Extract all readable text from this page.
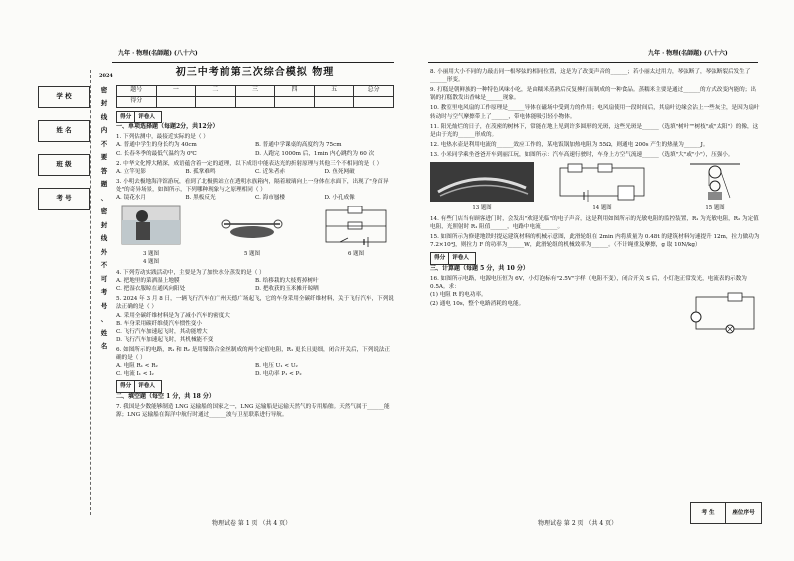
九年 · 物理(名師題) (八十六)	九年 · 物理(名師題) (八十六)
学 校
姓 名
班 级
考 号
2024
密
封
线
内
不
要
答
题
、
密
封
线
外
不
可
考
号
、
姓
名
初三中考前第三次综合模拟 物理
题号	一	二	三	四	五	总分
得分						
得分	评卷人
一、单项选择题（每题2分，共12分）
1. 下列估测中，最接近实际的是（ ）
A. 普通中学生的身长约为 40cm	B. 普通中学课桌的高度约为 75cm
C. 长春冬季的最低气温约为 0℃	D. 人跑完 1000m 后，1min 内心跳约为 60 次
2. 中华文化博大精深，成语蕴含着一定的道理，以下成语中能表达光的折射原理与其他三个不相同的是（ ）
A. 立竿见影	B. 孤掌难鸣	C. 近朱者赤	D. 鱼死网破
3. 小明去极地海洋馆游玩，看到了北极熊站立在透明水族箱内，隔着玻璃向上一身体在水面下，出现了"身首异处"的奇异场景，如图所示，下列哪种现象与之原理相同（ ）
A. 镜花水月	B. 黑板反光	C. 海市蜃楼	D. 小孔成像
3 题图	5 题图	6 题图
4 题图
4. 下列劳动实践活动中，主要是为了加快水分蒸发的是（ ）
A. 把地里的菜洒湿上地膜	B. 给移栽的大枝剪掉树叶
C. 把湿衣服晾在通风向阳处	D. 把收获的玉米摊开晾晒
5. 2024 年 3 月 8 日，一辆飞行汽车在广州天德广场起飞，它的车身采用全碳纤维材料，关于飞行汽车，下列说法正确的是（ ）
A. 采用全碳纤维材料是为了减小汽车的密度大
B. 车身采用碳纤维使汽车惯性变小
C. 飞行汽车加速起飞时，其动能增大
D. 飞行汽车加速起飞时，其机械能不变
6. 如图所示的电路，R₁ 和 R₂ 是用镍铬合金丝制成的两个定值电阻，R₁ 更长且更细，闭合开关后，下列说法正确的是（ ）
A. 电阻 R₁ < R₂	B. 电压 U₁ < U₂
C. 电流 I₁ < I₂	D. 电功率 P₁ < P₂
得分	评卷人
二、填空题（每空 1 分，共 18 分）
7. 我国是少数能够制造 LNG 运输船的国家之一，LNG 运输船是运输天然气的专用船舶。天然气属于______能源；LNG 运输船在海洋中航行时通过______波与卫星联系进行导航。
8. 小丽用大小不同的力敲击同一根琴弦的相同位置，这是为了改变声音的______；若小丽太过用力，琴弦断了，琴弦断裂后发生了______形变。
9. 打糕是朝鲜族的一种特色风味小吃，是由糯米蒸熟后反复捶打而制成的一种食品。蒸糯米主要是通过______的方式改变内能的；出锅的打糕散发出香味是______现象。
10. 教室里电风扇的工作原理是______导体在磁场中受到力的作用；电风扇使用一段时间后，其扇叶边缘会沾上一些灰尘，是因为扇叶转动时与空气摩擦带上了______，带电体能吸引轻小物体。
11. 阳光灿烂的日子，在茂密的树林下，常能在地上见到许多圆形的光斑，这些光斑是______（选填"树叶""树枝"或"太阳"）的像，这是由于光的______形成的。
12. 电热水壶是利用电流的______效应工作的，某电饭锅加热电阻为 55Ω，则通电 200s 产生的热量为______J。
13. 小米同学乘坐爸爸开车到丽江玩，如图所示：汽车高速行驶时，车身上方空气流速______（选填"大"或"小"），压强小。
13 题图	14 题图	15 题图
14. 有些门店当有顾客进门时，会发出"欢迎光临"的电子声音，这是利用如图所示的光敏电阻的监控装置，R₁ 为光敏电阻，R₂ 为定值电阻，光照射时 R₁ 阻值______，电路中电流______。
15. 如图所示为修建地铁时提运建筑材料的机械示意图，此滑轮组在 2min 内将质量为 0.48t 的建筑材料匀速提升 12m，拉力做功为 7.2×10⁴J，则拉力 F 的功率为______W，此滑轮组的机械效率为______。（不计绳重及摩擦，g 取 10N/kg）
得分	评卷人
三、计算题（每题 5 分，共 10 分）
16. 如图所示电路，电源电压恒为 6V，小灯泡标有"2.5V"字样（电阻不变），闭合开关 S 后，小灯泡正常发光，电流表的示数为 0.5A。求：
(1) 电阻 R 的电功率。
(2) 通电 10s，整个电路消耗的电能。
考 生	座位序号
物理试卷 第 1 页 （共 4 页）	物理试卷 第 2 页 （共 4 页）
